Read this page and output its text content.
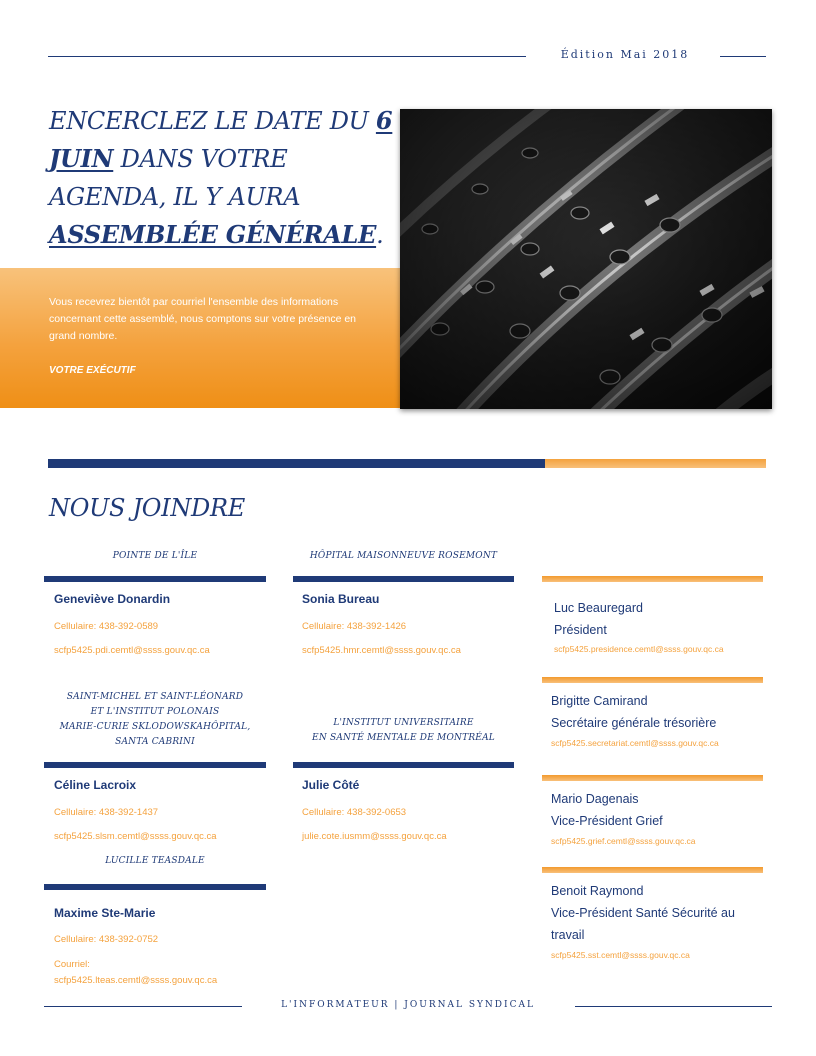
Édition Mai 2018
ENCERCLEZ LE DATE DU 6 JUIN DANS VOTRE AGENDA, IL Y AURA ASSEMBLÉE GÉNÉRALE.

Vous recevrez bientôt par courriel l'ensemble des informations concernant cette assemblé, nous comptons sur votre présence en grand nombre.

VOTRE EXÉCUTIF

NOUS JOINDRE
POINTE DE L'ÎLE
Geneviève Donardin
Cellulaire: 438-392-0589
scfp5425.pdi.cemtl@ssss.gouv.qc.ca
HÔPITAL MAISONNEUVE ROSEMONT
Sonia Bureau
Cellulaire: 438-392-1426
scfp5425.hmr.cemtl@ssss.gouv.qc.ca
SAINT-MICHEL ET SAINT-LÉONARD
ET L'INSTITUT POLONAIS
MARIE-CURIE SKLODOWSKAHÔPITAL,
SANTA CABRINI
Céline Lacroix
Cellulaire: 438-392-1437
scfp5425.slsm.cemtl@ssss.gouv.qc.ca
L'INSTITUT UNIVERSITAIRE
EN SANTÉ MENTALE DE MONTRÉAL
Julie Côté
Cellulaire: 438-392-0653
julie.cote.iusmm@ssss.gouv.qc.ca
LUCILLE TEASDALE
Maxime Ste-Marie
Cellulaire: 438-392-0752
Courriel:
scfp5425.lteas.cemtl@ssss.gouv.qc.ca
Luc Beauregard
Président
scfp5425.presidence.cemtl@ssss.gouv.qc.ca
Brigitte Camirand
Secrétaire générale trésorière
scfp5425.secretariat.cemtl@ssss.gouv.qc.ca
Mario Dagenais
Vice-Président Grief
scfp5425.grief.cemtl@ssss.gouv.qc.ca
Benoit Raymond
Vice-Président Santé Sécurité au travail
scfp5425.sst.cemtl@ssss.gouv.qc.ca
L'INFORMATEUR | JOURNAL SYNDICAL
